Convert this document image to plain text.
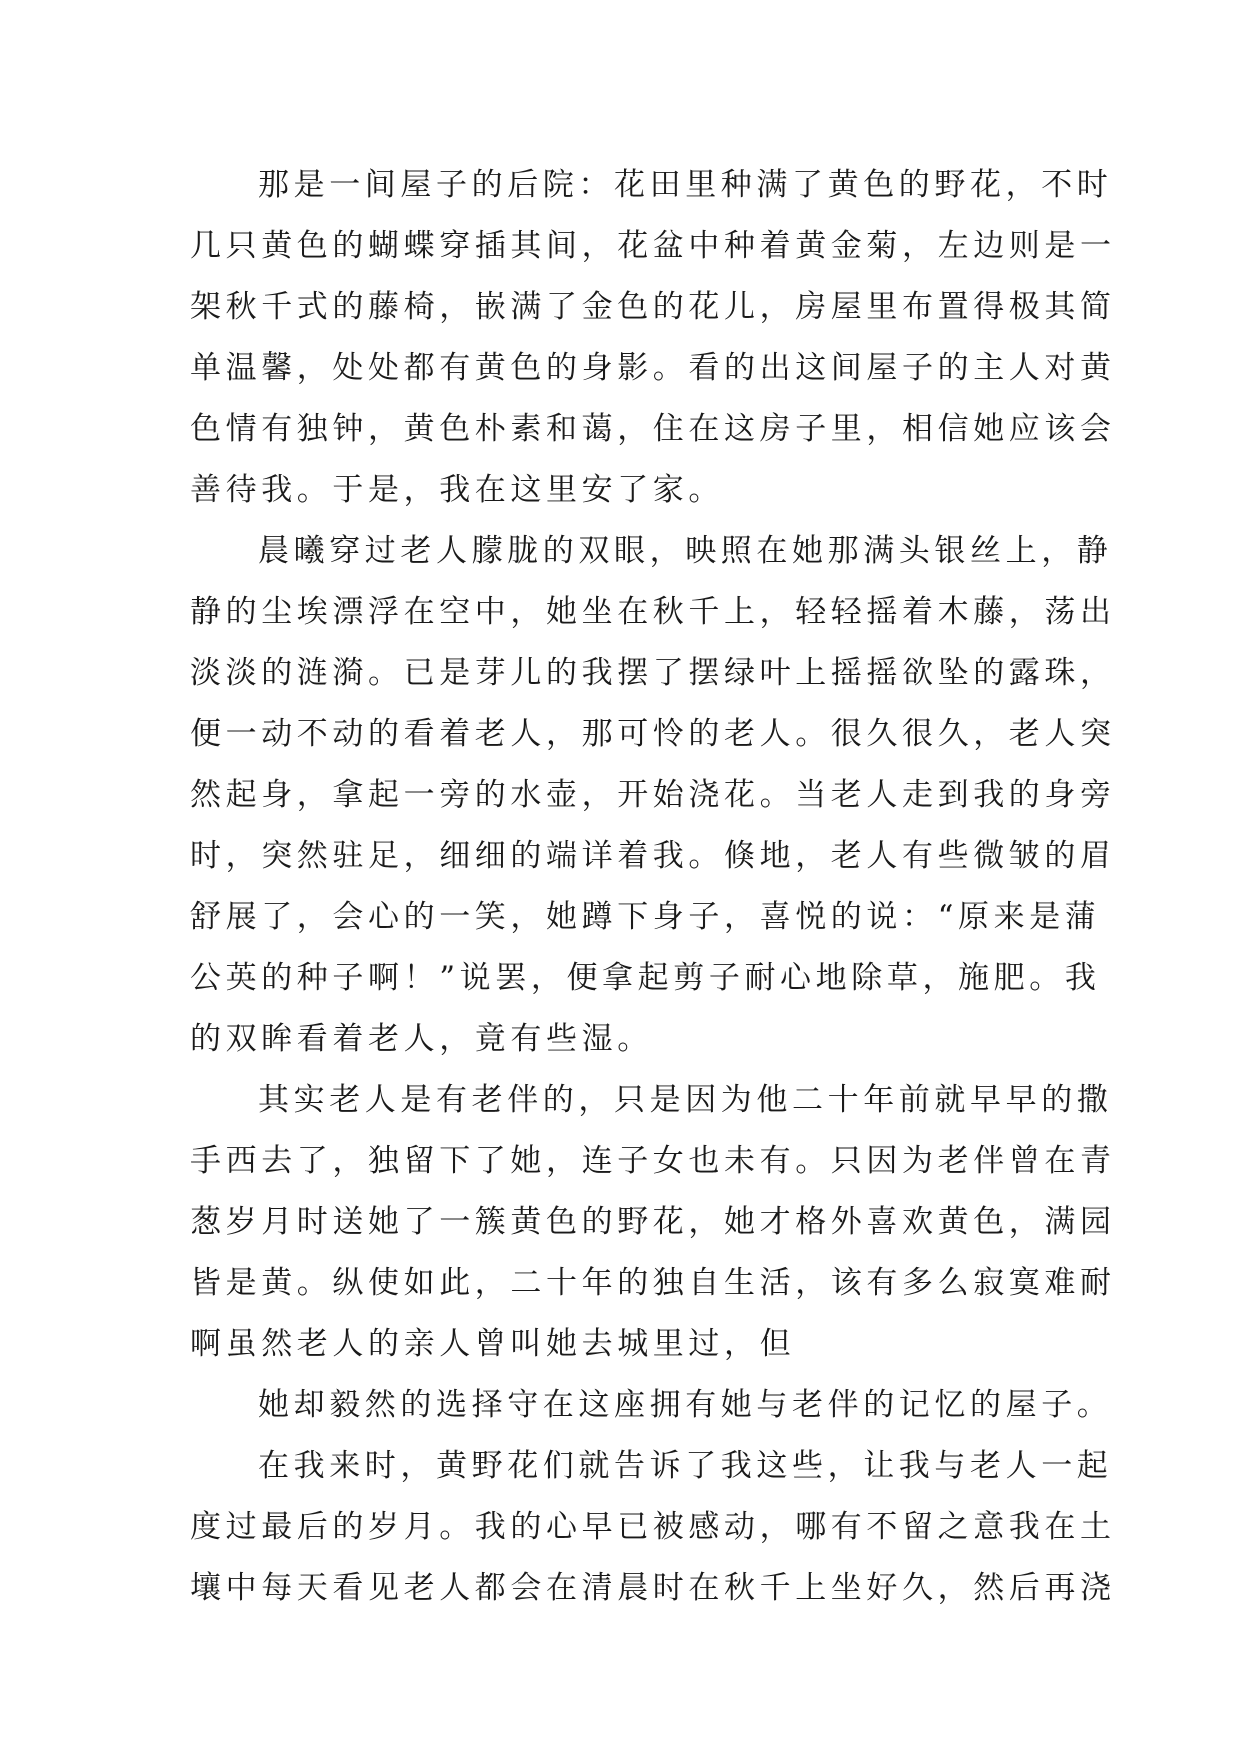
那是一间屋子的后院：花田里种满了黄色的野花，不时
几只黄色的蝴蝶穿插其间，花盆中种着黄金菊，左边则是一
架秋千式的藤椅，嵌满了金色的花儿，房屋里布置得极其简
单温馨，处处都有黄色的身影。看的出这间屋子的主人对黄
色情有独钟，黄色朴素和蔼，住在这房子里，相信她应该会
善待我。于是，我在这里安了家。
晨曦穿过老人朦胧的双眼，映照在她那满头银丝上，静
静的尘埃漂浮在空中，她坐在秋千上，轻轻摇着木藤，荡出
淡淡的涟漪。已是芽儿的我摆了摆绿叶上摇摇欲坠的露珠，
便一动不动的看着老人，那可怜的老人。很久很久，老人突
然起身，拿起一旁的水壶，开始浇花。当老人走到我的身旁
时，突然驻足，细细的端详着我。倏地，老人有些微皱的眉
舒展了，会心的一笑，她蹲下身子，喜悦的说：“原来是蒲
公英的种子啊！”说罢，便拿起剪子耐心地除草，施肥。我
的双眸看着老人，竟有些湿。
其实老人是有老伴的，只是因为他二十年前就早早的撒
手西去了，独留下了她，连子女也未有。只因为老伴曾在青
葱岁月时送她了一簇黄色的野花，她才格外喜欢黄色，满园
皆是黄。纵使如此，二十年的独自生活，该有多么寂寞难耐
啊虽然老人的亲人曾叫她去城里过，但
她却毅然的选择守在这座拥有她与老伴的记忆的屋子。
在我来时，黄野花们就告诉了我这些，让我与老人一起
度过最后的岁月。我的心早已被感动，哪有不留之意我在土
壤中每天看见老人都会在清晨时在秋千上坐好久，然后再浇
